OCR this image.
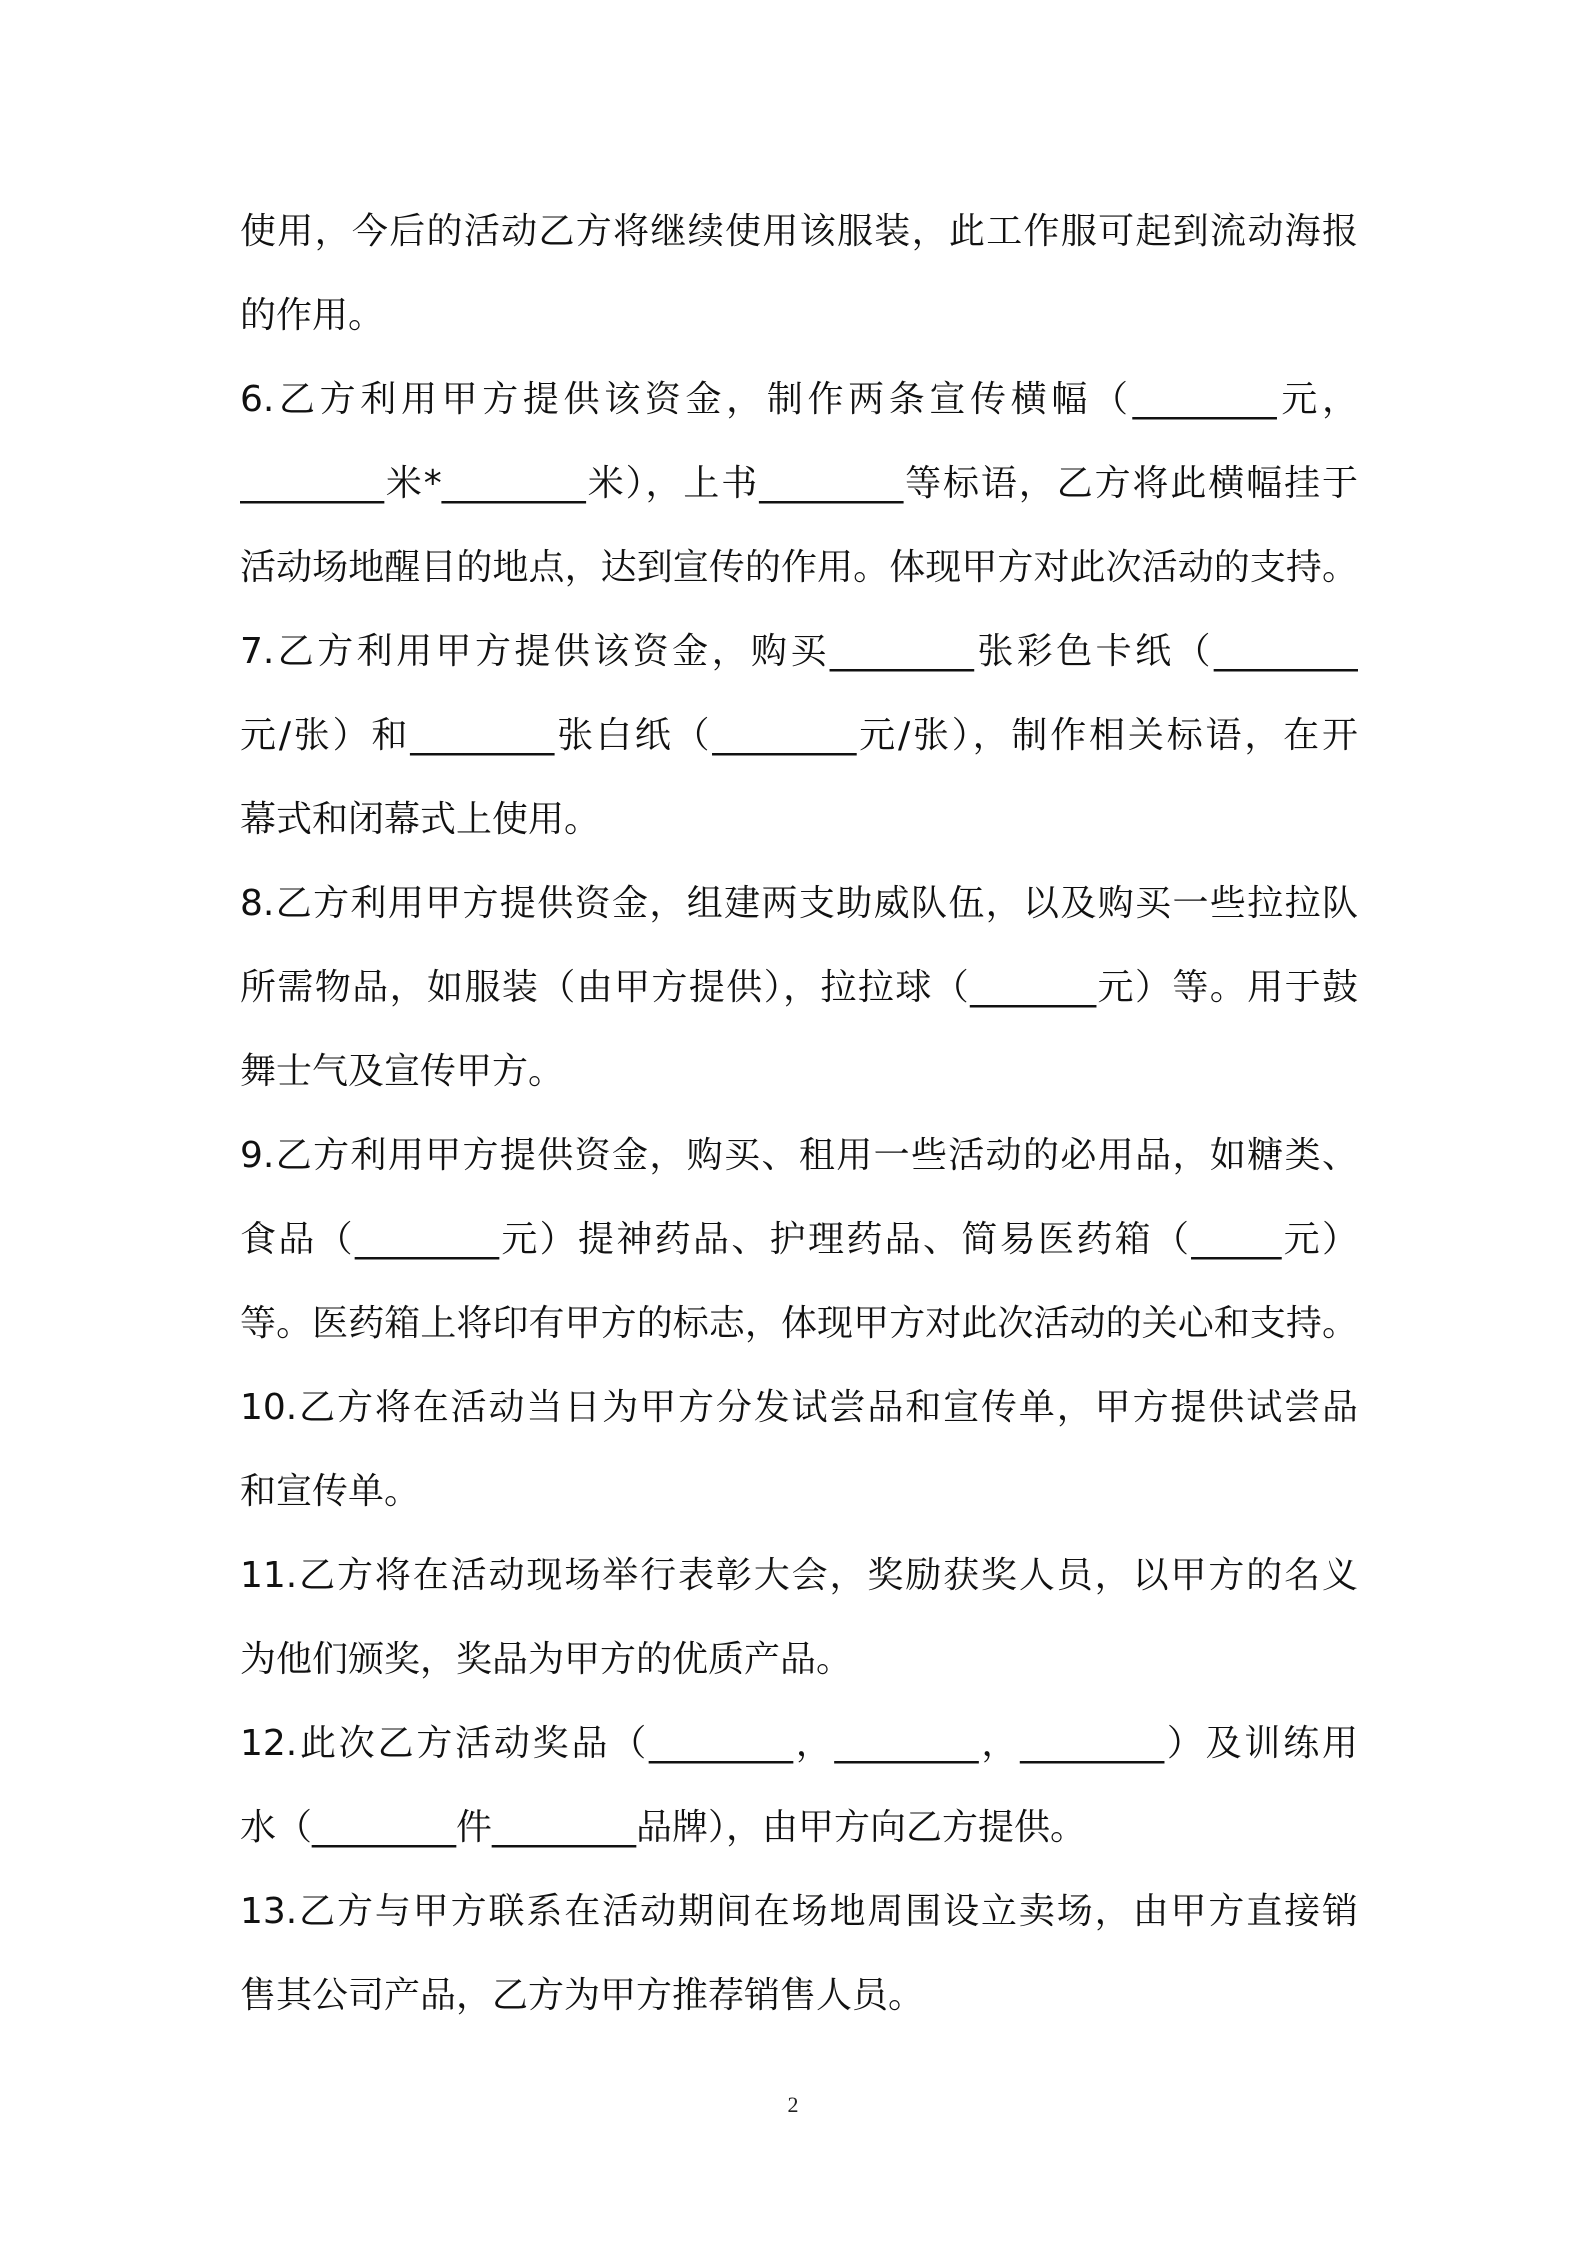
使用，今后的活动乙方将继续使用该服装，此工作服可起到流动海报
的作用。
6.乙方利用甲方提供该资金，制作两条宣传横幅（________元，
________米*________米），上书________等标语，乙方将此横幅挂于
活动场地醒目的地点，达到宣传的作用。体现甲方对此次活动的支持。
7.乙方利用甲方提供该资金，购买________张彩色卡纸（________
元/张）和________张白纸（________元/张），制作相关标语，在开
幕式和闭幕式上使用。
8.乙方利用甲方提供资金，组建两支助威队伍，以及购买一些拉拉队
所需物品，如服装（由甲方提供），拉拉球（_______元）等。用于鼓
舞士气及宣传甲方。
9.乙方利用甲方提供资金，购买、租用一些活动的必用品，如糖类、
食品（________元）提神药品、护理药品、简易医药箱（_____元）
等。医药箱上将印有甲方的标志，体现甲方对此次活动的关心和支持。
10.乙方将在活动当日为甲方分发试尝品和宣传单，甲方提供试尝品
和宣传单。
11.乙方将在活动现场举行表彰大会，奖励获奖人员，以甲方的名义
为他们颁奖，奖品为甲方的优质产品。
12.此次乙方活动奖品（________，________，________）及训练用
水（________件________品牌），由甲方向乙方提供。
13.乙方与甲方联系在活动期间在场地周围设立卖场，由甲方直接销
售其公司产品，乙方为甲方推荐销售人员。
2
